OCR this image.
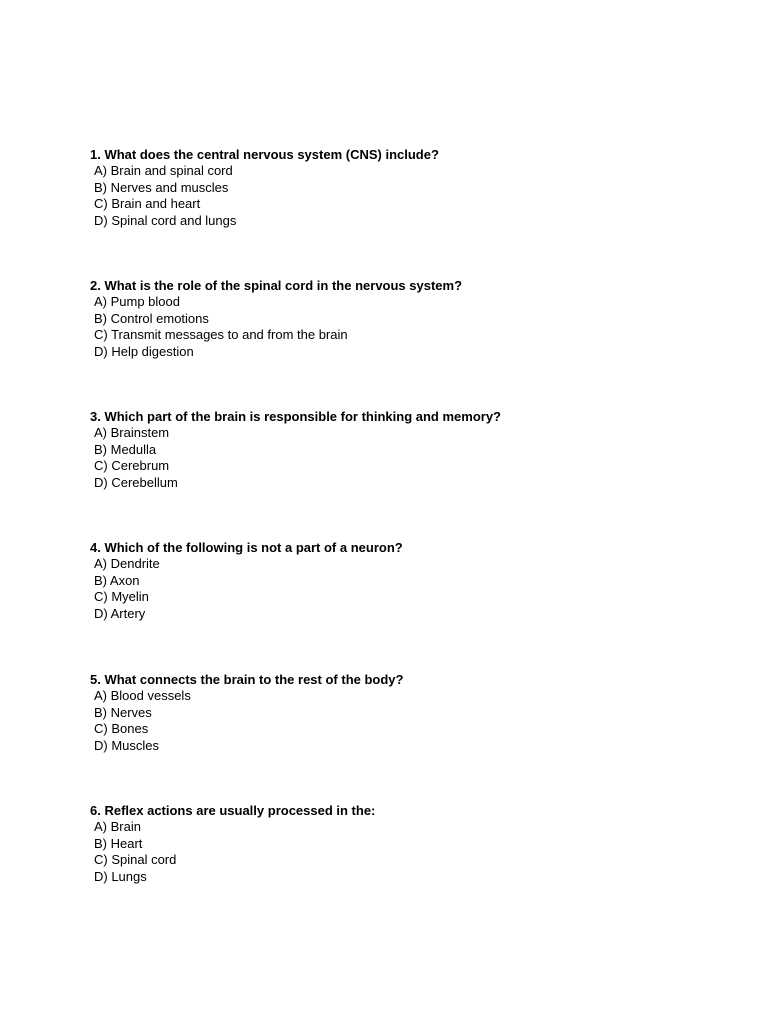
1. What does the central nervous system (CNS) include?
A) Brain and spinal cord
B) Nerves and muscles
C) Brain and heart
D) Spinal cord and lungs
2. What is the role of the spinal cord in the nervous system?
A) Pump blood
B) Control emotions
C) Transmit messages to and from the brain
D) Help digestion
3. Which part of the brain is responsible for thinking and memory?
A) Brainstem
B) Medulla
C) Cerebrum
D) Cerebellum
4. Which of the following is not a part of a neuron?
A) Dendrite
B) Axon
C) Myelin
D) Artery
5. What connects the brain to the rest of the body?
A) Blood vessels
B) Nerves
C) Bones
D) Muscles
6. Reflex actions are usually processed in the:
A) Brain
B) Heart
C) Spinal cord
D) Lungs
